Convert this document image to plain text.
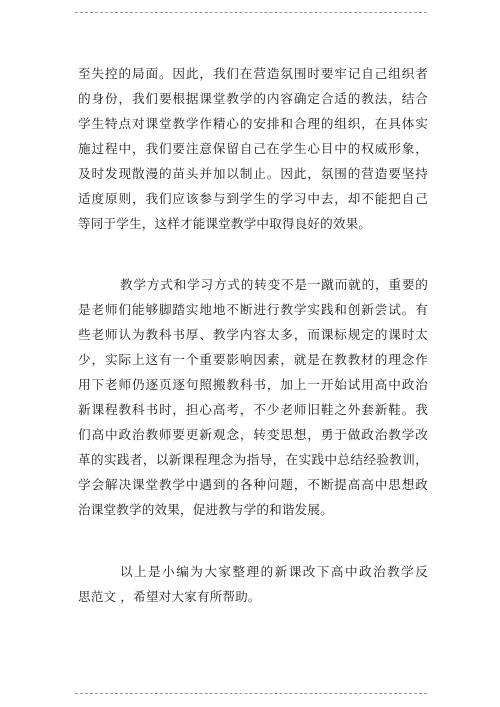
至失控的局面。因此，我们在营造氛围时要牢记自己组织者
的身份，我们要根据课堂教学的内容确定合适的教法，结合
学生特点对课堂教学作精心的安排和合理的组织，在具体实
施过程中，我们要注意保留自己在学生心目中的权威形象，
及时发现散漫的苗头并加以制止。因此，氛围的营造要坚持
适度原则，我们应该参与到学生的学习中去，却不能把自己
等同于学生，这样才能课堂教学中取得良好的效果。
教学方式和学习方式的转变不是一蹴而就的，重要的
是老师们能够脚踏实地地不断进行教学实践和创新尝试。有
些老师认为教科书厚、教学内容太多，而课标规定的课时太
少，实际上这有一个重要影响因素，就是在教教材的理念作
用下老师仍逐页逐句照搬教科书，加上一开始试用高中政治
新课程教科书时，担心高考，不少老师旧鞋之外套新鞋。我
们高中政治教师要更新观念，转变思想，勇于做政治教学改
革的实践者，以新课程理念为指导，在实践中总结经验教训，
学会解决课堂教学中遇到的各种问题，不断提高高中思想政
治课堂教学的效果，促进教与学的和谐发展。
以上是小编为大家整理的新课改下高中政治教学反
思范文 ，希望对大家有所帮助。
